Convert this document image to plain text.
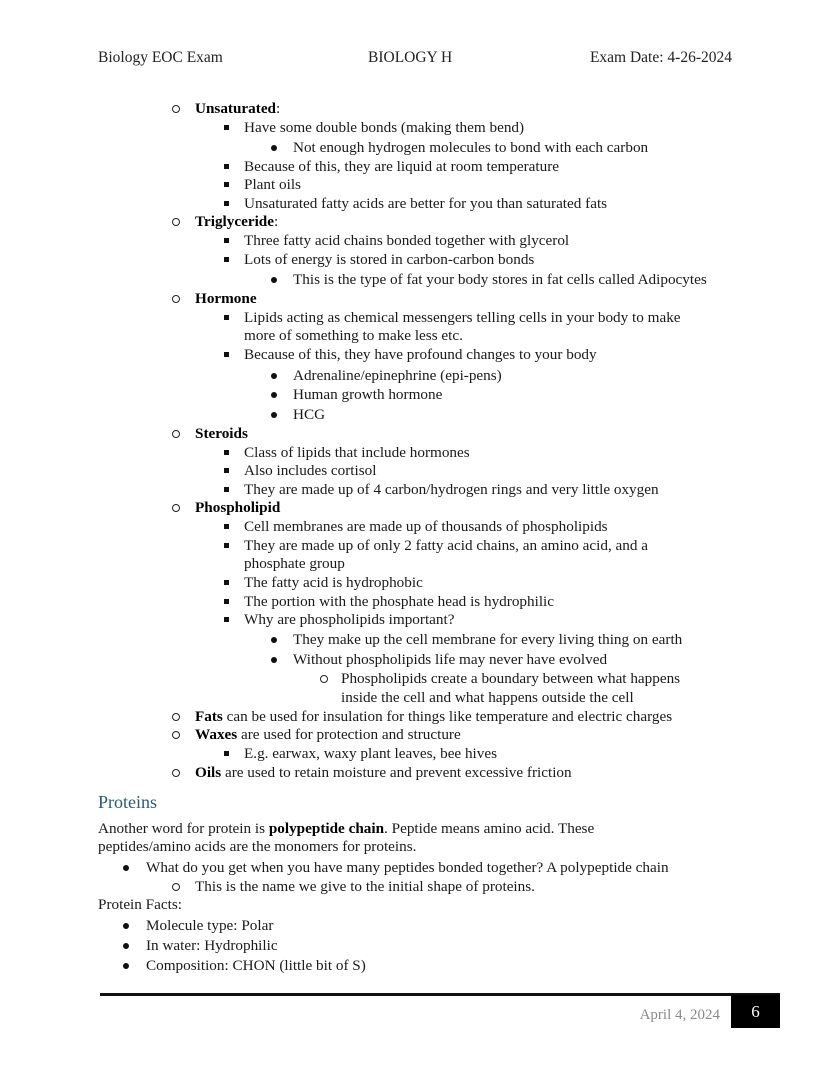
Biology EOC Exam	BIOLOGY H	Exam Date: 4-26-2024
Unsaturated:
Have some double bonds (making them bend)
Not enough hydrogen molecules to bond with each carbon
Because of this, they are liquid at room temperature
Plant oils
Unsaturated fatty acids are better for you than saturated fats
Triglyceride:
Three fatty acid chains bonded together with glycerol
Lots of energy is stored in carbon-carbon bonds
This is the type of fat your body stores in fat cells called Adipocytes
Hormone
Lipids acting as chemical messengers telling cells in your body to make
more of something to make less etc.
Because of this, they have profound changes to your body
Adrenaline/epinephrine (epi-pens)
Human growth hormone
HCG
Steroids
Class of lipids that include hormones
Also includes cortisol
They are made up of 4 carbon/hydrogen rings and very little oxygen
Phospholipid
Cell membranes are made up of thousands of phospholipids
They are made up of only 2 fatty acid chains, an amino acid, and a
phosphate group
The fatty acid is hydrophobic
The portion with the phosphate head is hydrophilic
Why are phospholipids important?
They make up the cell membrane for every living thing on earth
Without phospholipids life may never have evolved
Phospholipids create a boundary between what happens
inside the cell and what happens outside the cell
Fats can be used for insulation for things like temperature and electric charges
Waxes are used for protection and structure
E.g. earwax, waxy plant leaves, bee hives
Oils are used to retain moisture and prevent excessive friction
Proteins
Another word for protein is polypeptide chain. Peptide means amino acid. These
peptides/amino acids are the monomers for proteins.
What do you get when you have many peptides bonded together? A polypeptide chain
This is the name we give to the initial shape of proteins.
Protein Facts:
Molecule type: Polar
In water: Hydrophilic
Composition: CHON (little bit of S)
April 4, 2024	6
